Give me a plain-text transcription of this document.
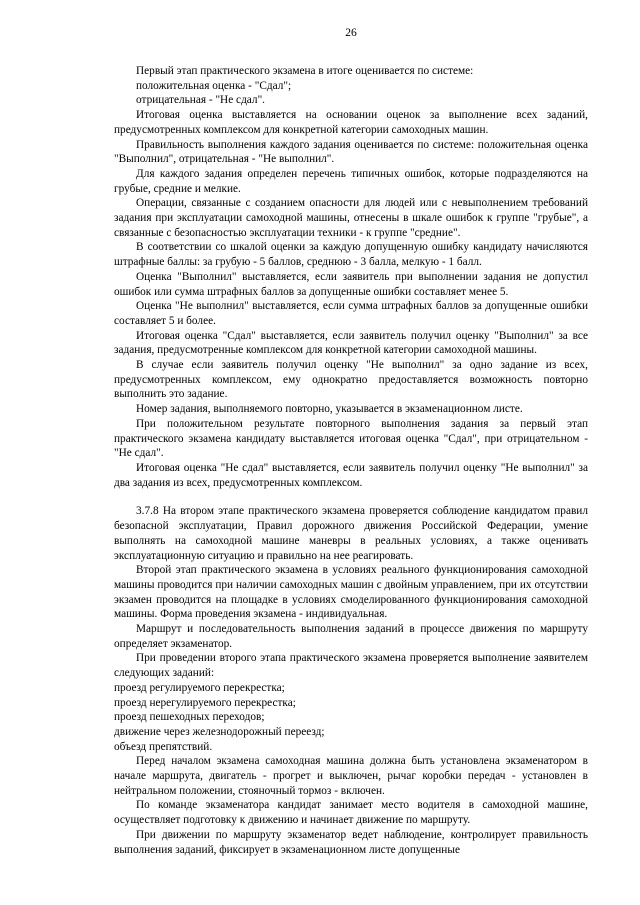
26

Первый этап практического экзамена в итоге оценивается по системе:

положительная оценка - "Сдал";

отрицательная - "Не сдал".

Итоговая оценка выставляется на основании оценок за выполнение всех заданий, предусмотренных комплексом для конкретной категории самоходных машин.

Правильность выполнения каждого задания оценивается по системе: положительная оценка "Выполнил", отрицательная - "Не выполнил".

Для каждого задания определен перечень типичных ошибок, которые подразделяются на грубые, средние и мелкие.

Операции, связанные с созданием опасности для людей или с невыполнением требований задания при эксплуатации самоходной машины, отнесены в шкале ошибок к группе "грубые", а связанные с безопасностью эксплуатации техники - к группе "средние".

В соответствии со шкалой оценки за каждую допущенную ошибку кандидату начисляются штрафные баллы: за грубую - 5 баллов, среднюю - 3 балла, мелкую - 1 балл.

Оценка "Выполнил" выставляется, если заявитель при выполнении задания не допустил ошибок или сумма штрафных баллов за допущенные ошибки составляет менее 5.

Оценка "Не выполнил" выставляется, если сумма штрафных баллов за допущенные ошибки составляет 5 и более.

Итоговая оценка "Сдал" выставляется, если заявитель получил оценку "Выполнил" за все задания, предусмотренные комплексом для конкретной категории самоходной машины.

В случае если заявитель получил оценку "Не выполнил" за одно задание из всех, предусмотренных комплексом, ему однократно предоставляется возможность повторно выполнить это задание.

Номер задания, выполняемого повторно, указывается в экзаменационном листе.

При положительном результате повторного выполнения задания за первый этап практического экзамена кандидату выставляется итоговая оценка "Сдал", при отрицательном - "Не сдал".

Итоговая оценка "Не сдал" выставляется, если заявитель получил оценку "Не выполнил" за два задания из всех, предусмотренных комплексом.

3.7.8 На втором этапе практического экзамена проверяется соблюдение кандидатом правил безопасной эксплуатации, Правил дорожного движения Российской Федерации, умение выполнять на самоходной машине маневры в реальных условиях, а также оценивать эксплуатационную ситуацию и правильно на нее реагировать.

Второй этап практического экзамена в условиях реального функционирования самоходной машины проводится при наличии самоходных машин с двойным управлением, при их отсутствии экзамен проводится на площадке в условиях смоделированного функционирования самоходной машины. Форма проведения экзамена - индивидуальная.

Маршрут и последовательность выполнения заданий в процессе движения по маршруту определяет экзаменатор.

При проведении второго этапа практического экзамена проверяется выполнение заявителем следующих заданий:

проезд регулируемого перекрестка;

проезд нерегулируемого перекрестка;

проезд пешеходных переходов;

движение через железнодорожный переезд;

объезд препятствий.

Перед началом экзамена самоходная машина должна быть установлена экзаменатором в начале маршрута, двигатель - прогрет и выключен, рычаг коробки передач - установлен в нейтральном положении, стояночный тормоз - включен.

По команде экзаменатора кандидат занимает место водителя в самоходной машине, осуществляет подготовку к движению и начинает движение по маршруту.

При движении по маршруту экзаменатор ведет наблюдение, контролирует правильность выполнения заданий, фиксирует в экзаменационном листе допущенные
